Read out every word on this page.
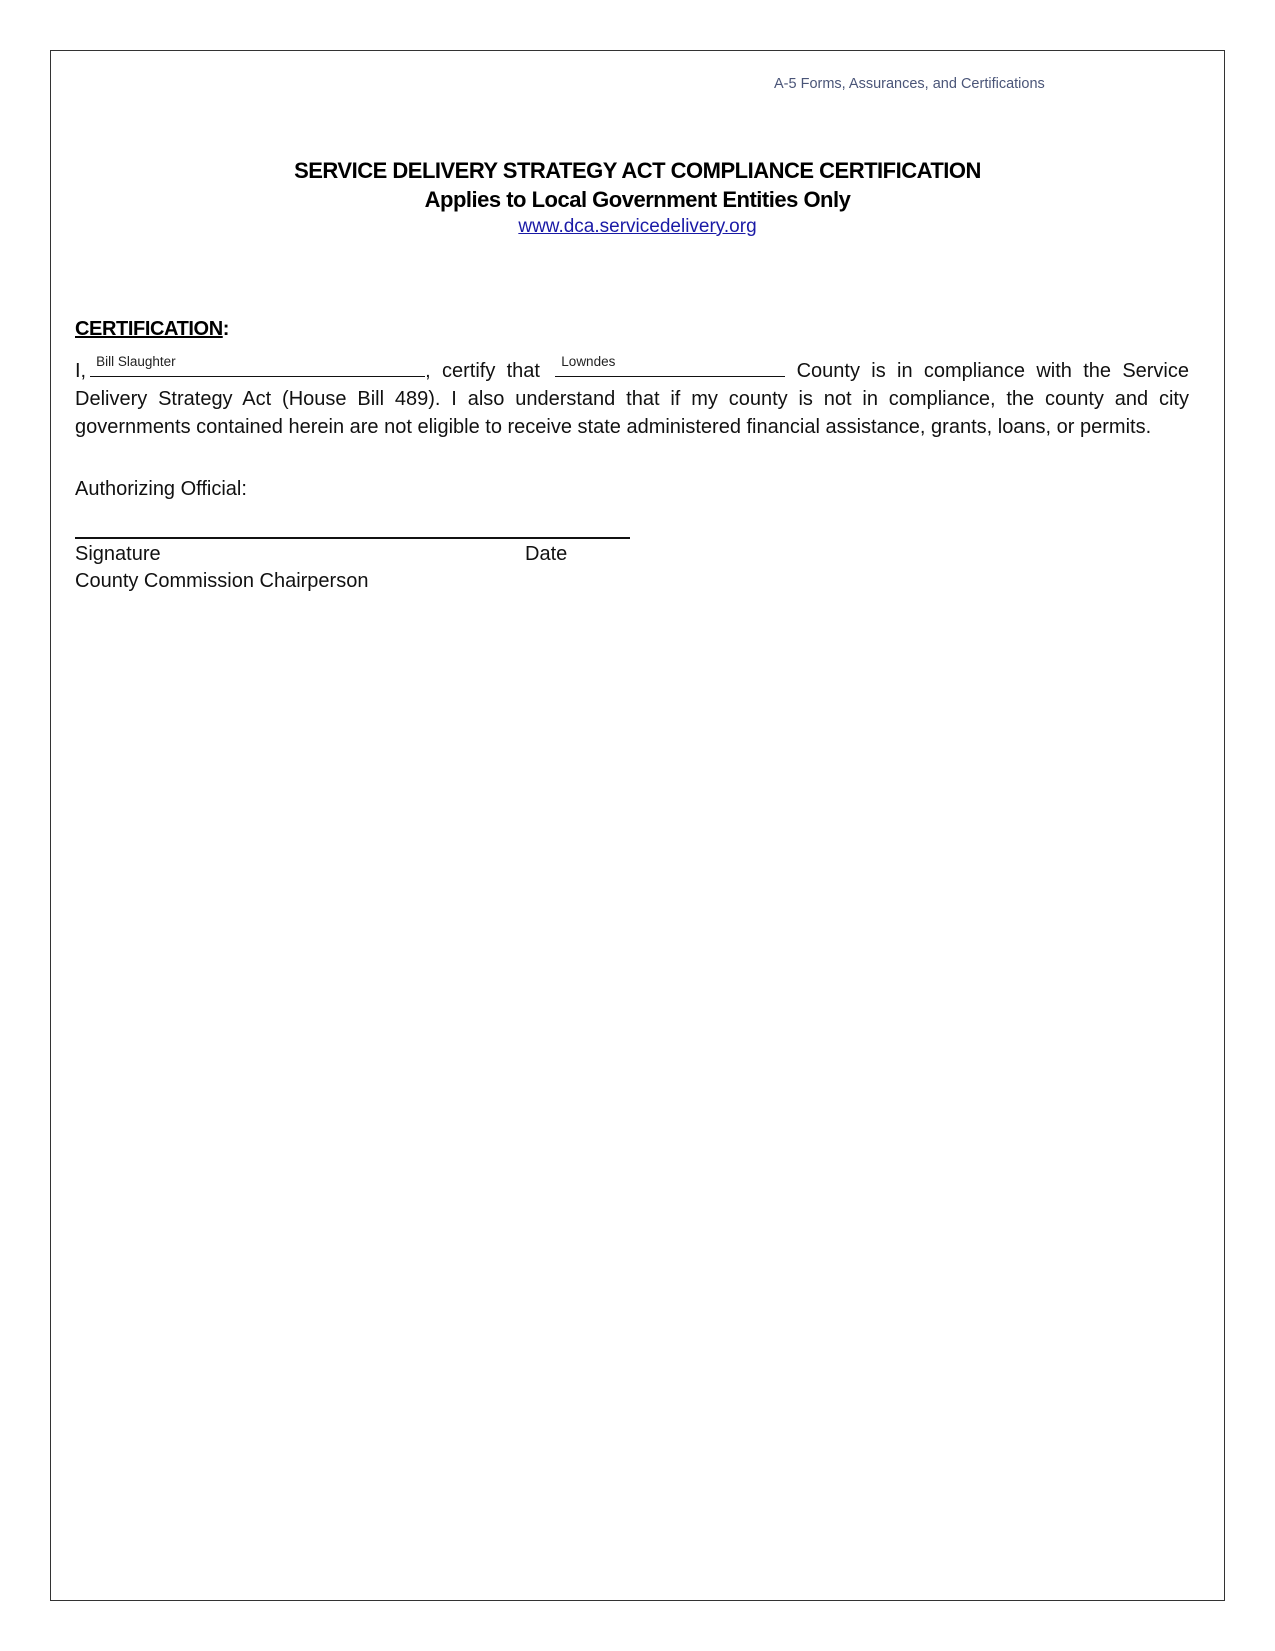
A-5 Forms, Assurances, and Certifications
SERVICE DELIVERY STRATEGY ACT COMPLIANCE CERTIFICATION
Applies to Local Government Entities Only
www.dca.servicedelivery.org
CERTIFICATION:
I, Bill Slaughter	, certify that Lowndes	County is in compliance with the Service Delivery Strategy Act (House Bill 489). I also understand that if my county is not in compliance, the county and city governments contained herein are not eligible to receive state administered financial assistance, grants, loans, or permits.
Authorizing Official:
Signature	Date
County Commission Chairperson
